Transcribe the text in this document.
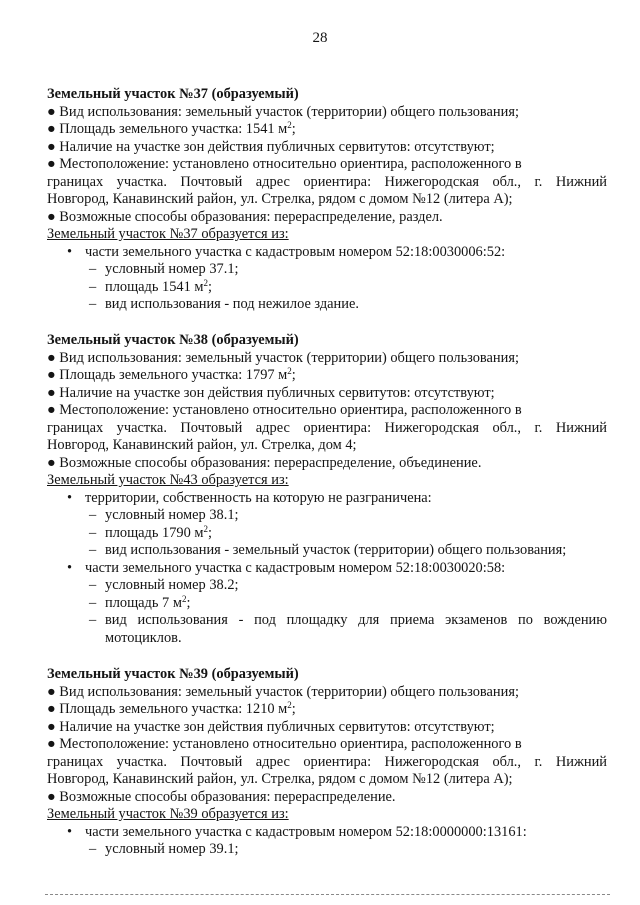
28
Земельный участок №37 (образуемый)
● Вид использования: земельный участок (территории) общего пользования;
● Площадь земельного участка: 1541 $м^2$;
● Наличие на участке зон действия публичных сервитутов: отсутствуют;
● Местоположение: установлено относительно ориентира, расположенного в
границах участка. Почтовый адрес ориентира: Нижегородская обл., г. Нижний
Новгород, Канавинский район, ул. Стрелка, рядом с домом №12 (литера А);
● Возможные способы образования: перераспределение, раздел.
Земельный участок №37 образуется из:
• части земельного участка с кадастровым номером 52:18:0030006:52:
– условный номер 37.1;
– площадь 1541 $м^2$;
– вид использования - под нежилое здание.
Земельный участок №38 (образуемый)
● Вид использования: земельный участок (территории) общего пользования;
● Площадь земельного участка: 1797 $м^2$;
● Наличие на участке зон действия публичных сервитутов: отсутствуют;
● Местоположение: установлено относительно ориентира, расположенного в
границах участка. Почтовый адрес ориентира: Нижегородская обл., г. Нижний
Новгород, Канавинский район, ул. Стрелка, дом 4;
● Возможные способы образования: перераспределение, объединение.
Земельный участок №43 образуется из:
• территории, собственность на которую не разграничена:
– условный номер 38.1;
– площадь 1790 $м^2$;
– вид использования - земельный участок (территории) общего пользования;
• части земельного участка с кадастровым номером 52:18:0030020:58:
– условный номер 38.2;
– площадь 7 $м^2$;
– вид использования - под площадку для приема экзаменов по вождению мотоциклов.
Земельный участок №39 (образуемый)
● Вид использования: земельный участок (территории) общего пользования;
● Площадь земельного участка: 1210 $м^2$;
● Наличие на участке зон действия публичных сервитутов: отсутствуют;
● Местоположение: установлено относительно ориентира, расположенного в
границах участка. Почтовый адрес ориентира: Нижегородская обл., г. Нижний
Новгород, Канавинский район, ул. Стрелка, рядом с домом №12 (литера А);
● Возможные способы образования: перераспределение.
Земельный участок №39 образуется из:
• части земельного участка с кадастровым номером 52:18:0000000:13161:
– условный номер 39.1;
